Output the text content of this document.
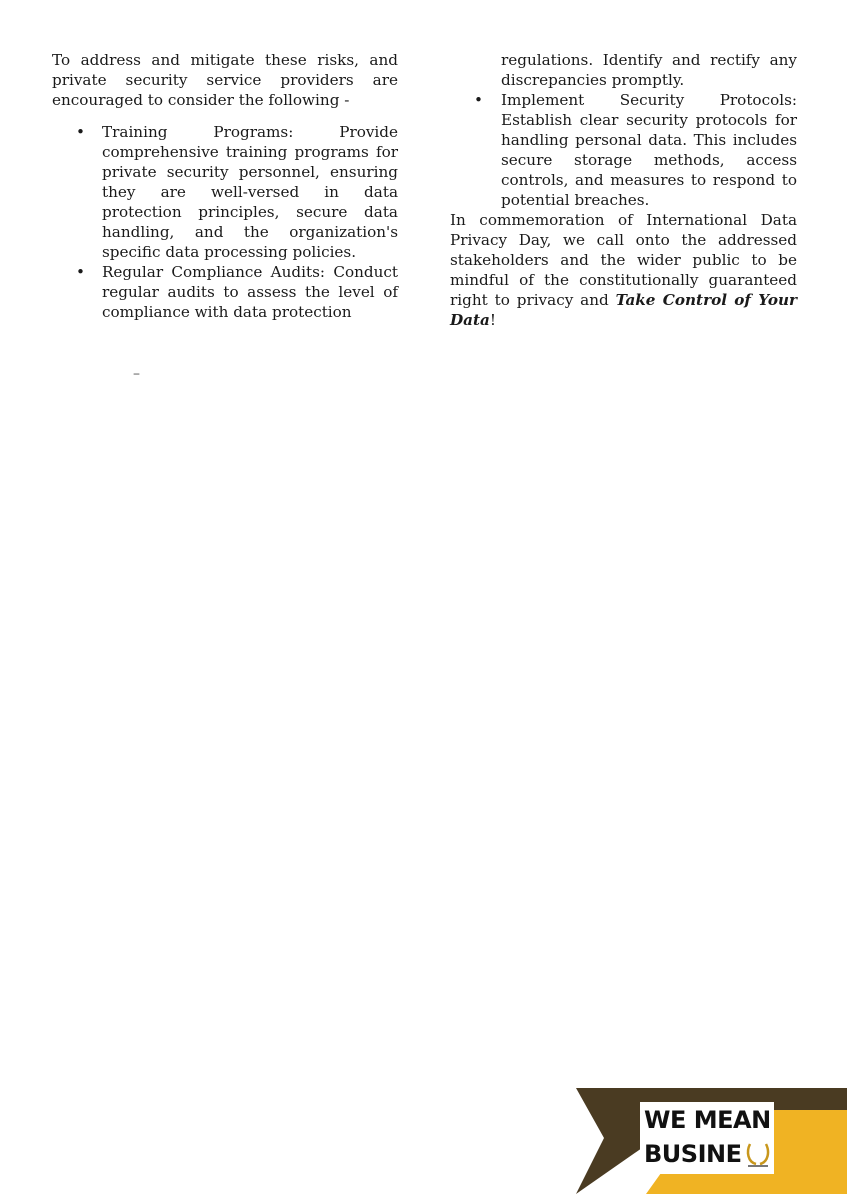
To address and mitigate these risks, and private security service providers are encouraged to consider the following -

• Training Programs: Provide comprehensive training programs for private security personnel, ensuring they are well-versed in data protection principles, secure data handling, and the organization's specific data processing policies.
• Regular Compliance Audits: Conduct regular audits to assess the level of compliance with data protection
–

regulations. Identify and rectify any discrepancies promptly.

• Implement Security Protocols: Establish clear security protocols for handling personal data. This includes secure storage methods, access controls, and measures to respond to potential breaches.

In commemoration of International Data Privacy Day, we call onto the addressed stakeholders and the wider public to be mindful of the constitutionally guaranteed right to privacy and Take Control of Your Data!

WE MEAN
BUSINE
